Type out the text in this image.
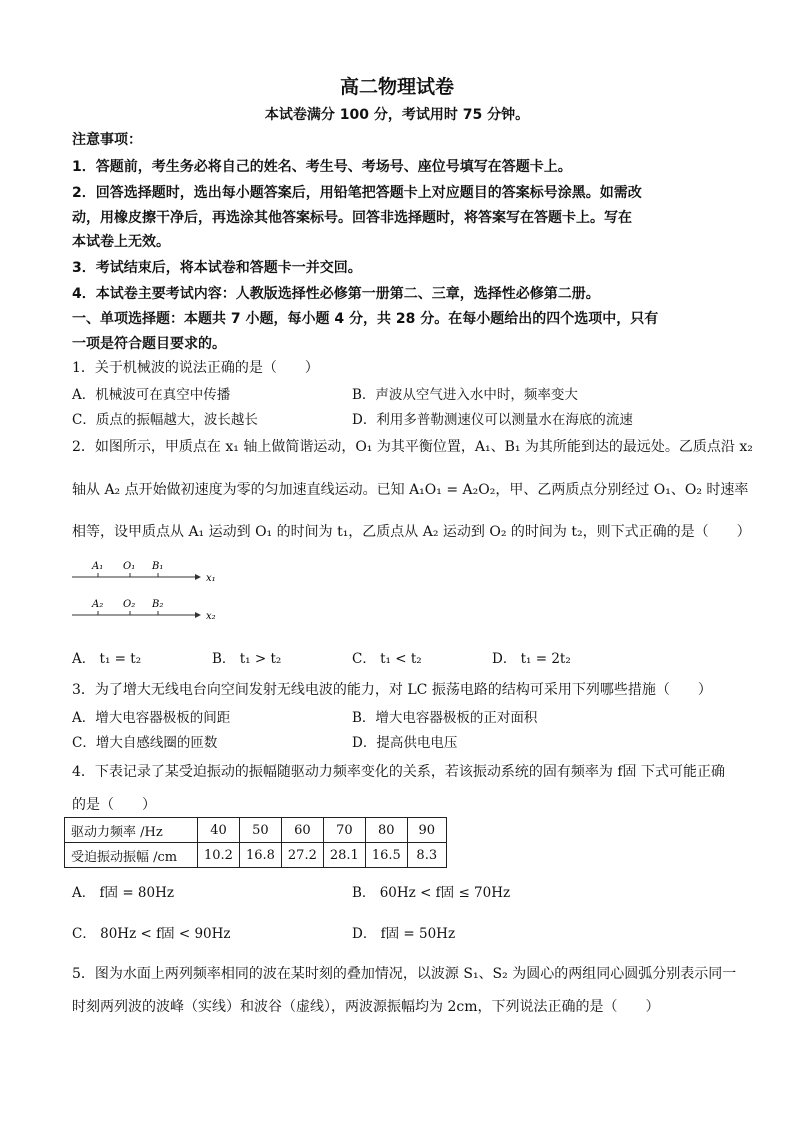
高二物理试卷
本试卷满分 100 分，考试用时 75 分钟。
注意事项：
1．答题前，考生务必将自己的姓名、考生号、考场号、座位号填写在答题卡上。
2．回答选择题时，选出每小题答案后，用铅笔把答题卡上对应题目的答案标号涂黑。如需改
动，用橡皮擦干净后，再选涂其他答案标号。回答非选择题时，将答案写在答题卡上。写在
本试卷上无效。
3．考试结束后，将本试卷和答题卡一并交回。
4．本试卷主要考试内容：人教版选择性必修第一册第二、三章，选择性必修第二册。
一、单项选择题：本题共 7 小题，每小题 4 分，共 28 分。在每小题给出的四个选项中，只有
一项是符合题目要求的。
1．关于机械波的说法正确的是（　　）
A．机械波可在真空中传播	B．声波从空气进入水中时，频率变大
C．质点的振幅越大，波长越长	D．利用多普勒测速仪可以测量水在海底的流速
2．如图所示，甲质点在 x₁ 轴上做简谐运动，O₁ 为其平衡位置，A₁、B₁ 为其所能到达的最远处。乙质点沿 x₂
轴从 A₂ 点开始做初速度为零的匀加速直线运动。已知 A₁O₁ = A₂O₂，甲、乙两质点分别经过 O₁、O₂ 时速率
相等，设甲质点从 A₁ 运动到 O₁ 的时间为 t₁，乙质点从 A₂ 运动到 O₂ 的时间为 t₂，则下式正确的是（　　）
A₁ O₁ B₁
x₁
A₂ O₂ B₂
x₂
A． t₁ = t₂	B． t₁ > t₂	C． t₁ < t₂	D． t₁ = 2t₂
3．为了增大无线电台向空间发射无线电波的能力，对 LC 振荡电路的结构可采用下列哪些措施（　　）
A．增大电容器极板的间距	B．增大电容器极板的正对面积
C．增大自感线圈的匝数	D．提高供电电压
4．下表记录了某受迫振动的振幅随驱动力频率变化的关系，若该振动系统的固有频率为 f固 下式可能正确
的是（　　）
驱动力频率 /Hz	40	50	60	70	80	90
受迫振动振幅 /cm	10.2	16.8	27.2	28.1	16.5	8.3
A． f固 = 80Hz	B． 60Hz < f固 ≤ 70Hz
C． 80Hz < f固 < 90Hz	D． f固 = 50Hz
5．图为水面上两列频率相同的波在某时刻的叠加情况，以波源 S₁、S₂ 为圆心的两组同心圆弧分别表示同一
时刻两列波的波峰（实线）和波谷（虚线），两波源振幅均为 2cm，下列说法正确的是（　　）
